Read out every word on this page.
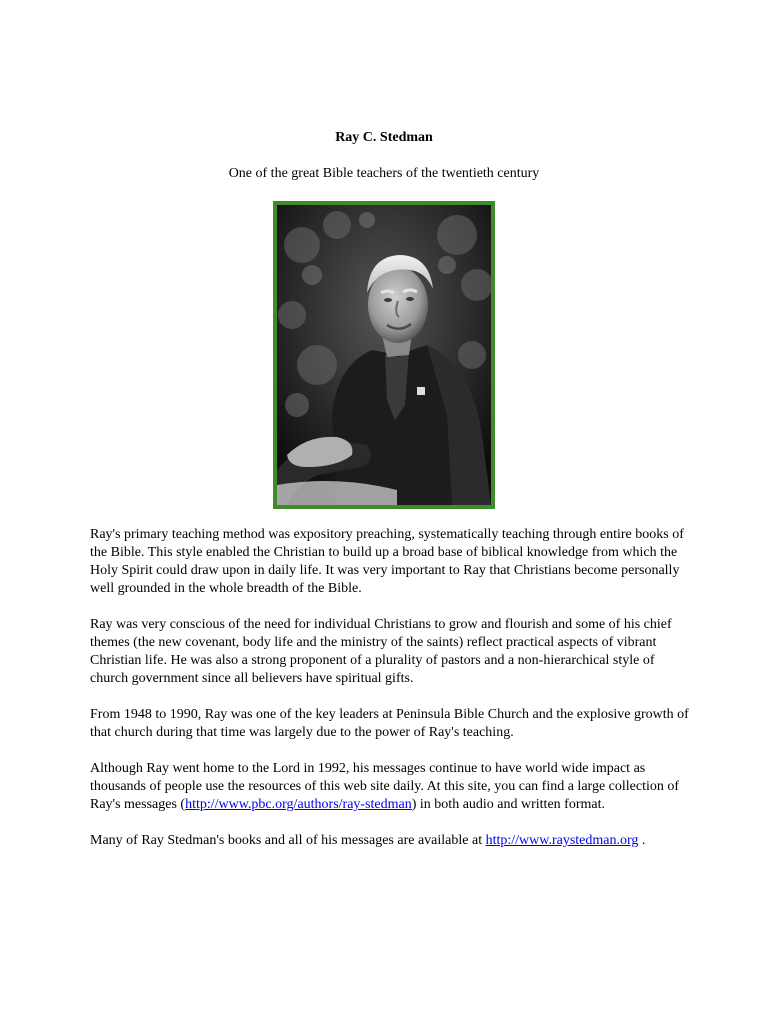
Ray C. Stedman
One of the great Bible teachers of the twentieth century

Ray's primary teaching method was expository preaching, systematically teaching through entire books of the Bible. This style enabled the Christian to build up a broad base of biblical knowledge from which the Holy Spirit could draw upon in daily life. It was very important to Ray that Christians become personally well grounded in the whole breadth of the Bible.

Ray was very conscious of the need for individual Christians to grow and flourish and some of his chief themes (the new covenant, body life and the ministry of the saints) reflect practical aspects of vibrant Christian life. He was also a strong proponent of a plurality of pastors and a non-hierarchical style of church government since all believers have spiritual gifts.

From 1948 to 1990, Ray was one of the key leaders at Peninsula Bible Church and the explosive growth of that church during that time was largely due to the power of Ray's teaching.

Although Ray went home to the Lord in 1992, his messages continue to have world wide impact as thousands of people use the resources of this web site daily. At this site, you can find a large collection of Ray's messages (http://www.pbc.org/authors/ray-stedman) in both audio and written format.

Many of Ray Stedman's books and all of his messages are available at http://www.raystedman.org .
